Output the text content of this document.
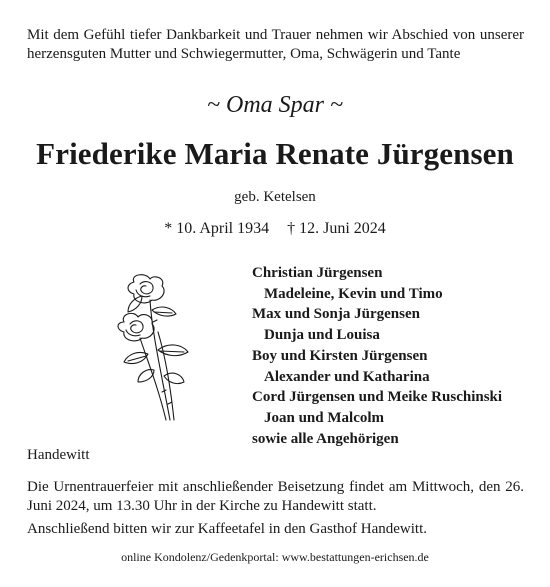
Mit dem Gefühl tiefer Dankbarkeit und Trauer nehmen wir Abschied von unserer herzensguten Mutter und Schwiegermutter, Oma, Schwägerin und Tante
~ Oma Spar ~
Friederike Maria Renate Jürgensen
geb. Ketelsen
* 10. April 1934 † 12. Juni 2024
Christian Jürgensen
Madeleine, Kevin und Timo
Max und Sonja Jürgensen
Dunja und Louisa
Boy und Kirsten Jürgensen
Alexander und Katharina
Cord Jürgensen und Meike Ruschinski
Joan und Malcolm
sowie alle Angehörigen
Handewitt
Die Urnentrauerfeier mit anschließender Beisetzung findet am Mittwoch, den 26. Juni 2024, um 13.30 Uhr in der Kirche zu Handewitt statt.
Anschließend bitten wir zur Kaffeetafel in den Gasthof Handewitt.
online Kondolenz/Gedenkportal: www.bestattungen-erichsen.de
